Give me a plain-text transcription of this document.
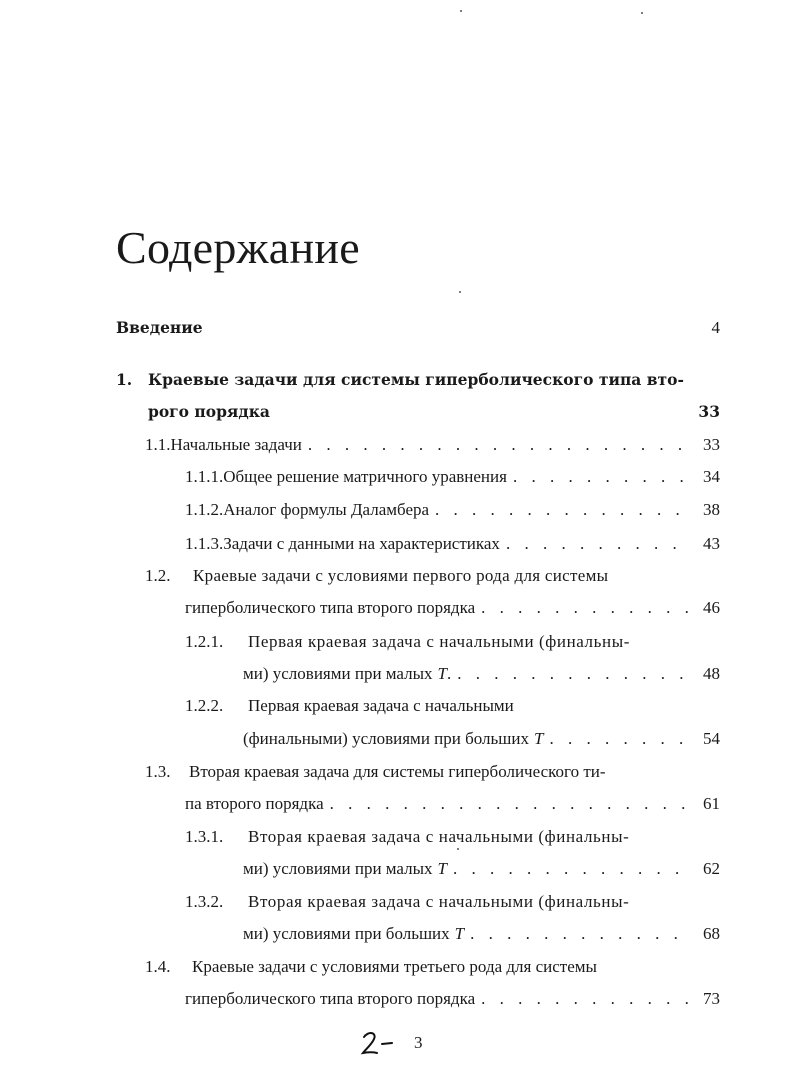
Содержание
Введение	4
1.	Краевые задачи для системы гиперболического типа вто-
рого порядка	33
1.1. Начальные задачи . . .	33
1.1.1. Общее решение матричного уравнения . . .	34
1.1.2. Аналог формулы Даламбера . . .	38
1.1.3. Задачи с данными на характеристиках . . .	43
1.2.	Краевые задачи с условиями первого рода для системы
гиперболического типа второго порядка . . .	46
1.2.1.	Первая краевая задача с начальными (финальны-
ми) условиями при малых T . . . .	48
1.2.2.	Первая краевая задача с начальными
(финальными) условиями при больших T . . .	54
1.3.	Вторая краевая задача для системы гиперболического ти-
па второго порядка . . .	61
1.3.1.	Вторая краевая задача с начальными (финальны-
ми) условиями при малых T . . .	62
1.3.2.	Вторая краевая задача с начальными (финальны-
ми) условиями при больших T . . .	68
1.4.	Краевые задачи с условиями третьего рода для системы
гиперболического типа второго порядка . . .	73
3
